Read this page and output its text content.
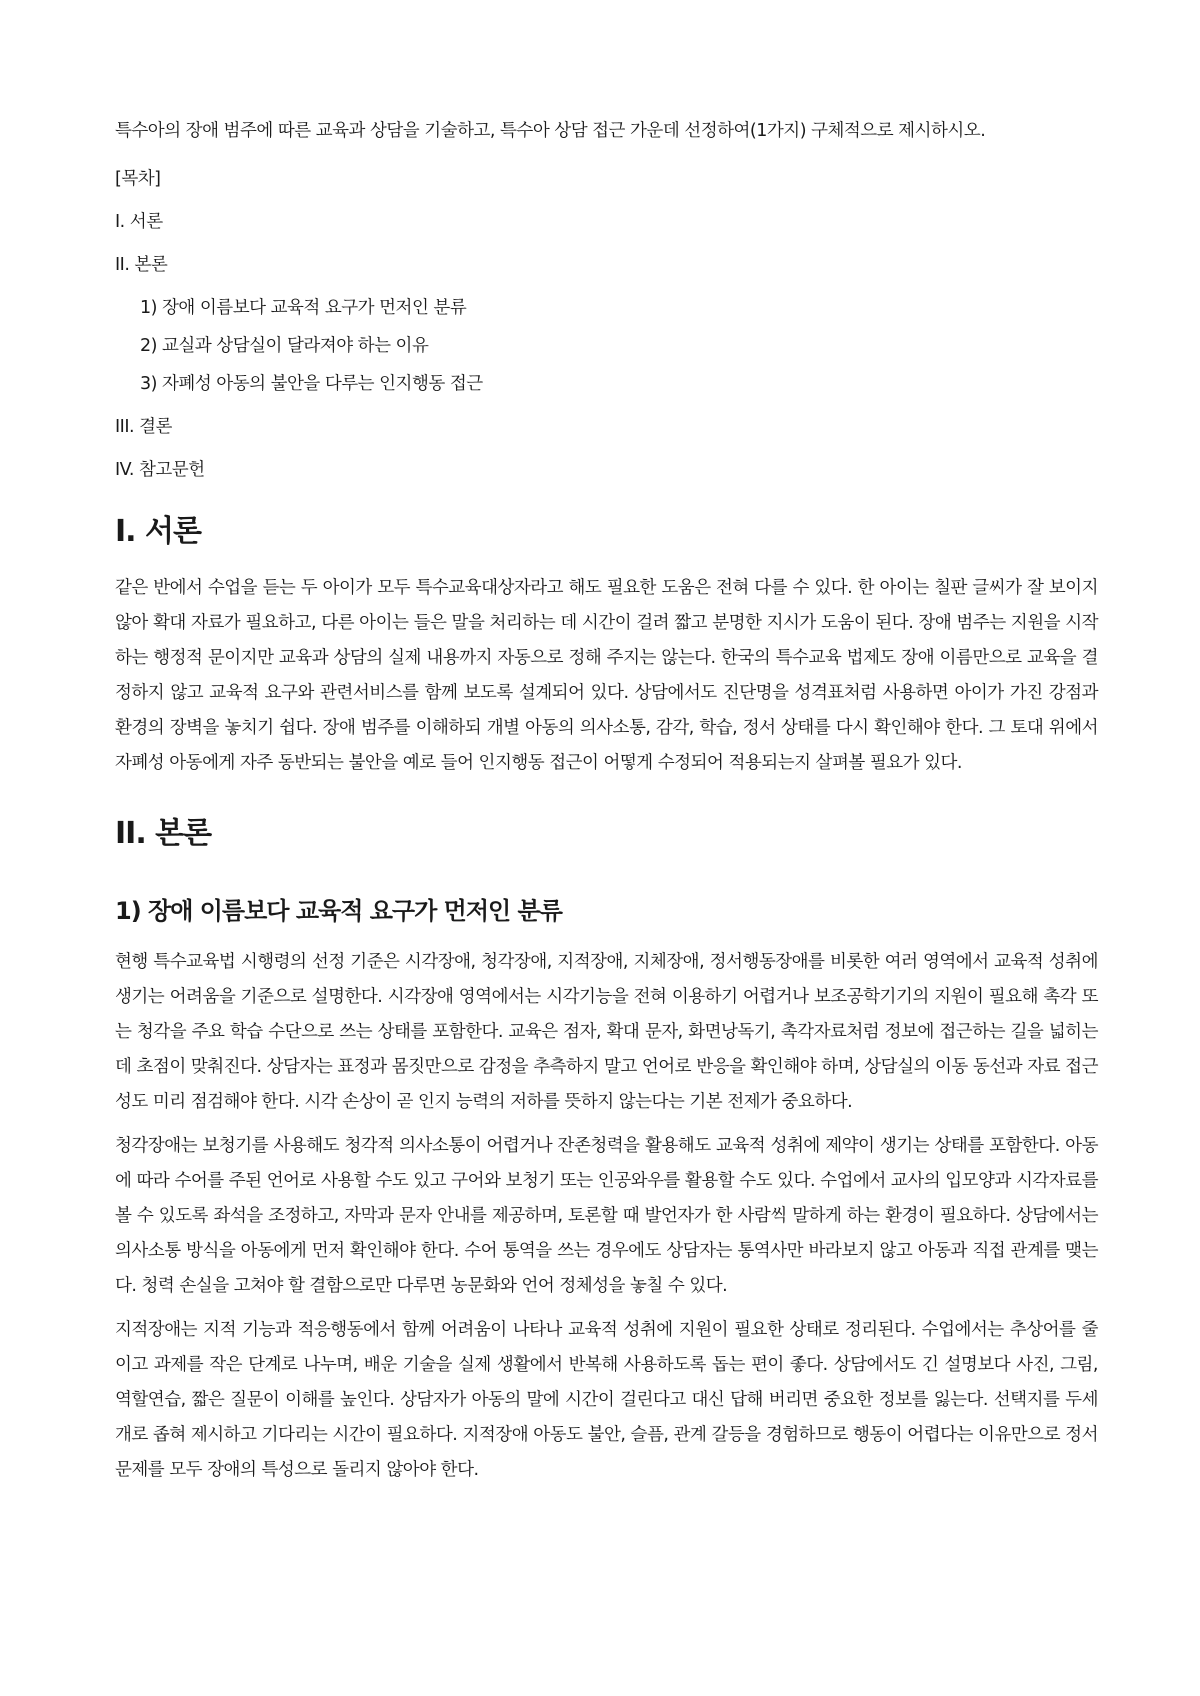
특수아의 장애 범주에 따른 교육과 상담을 기술하고, 특수아 상담 접근 가운데 선정하여(1가지) 구체적으로 제시하시오.

[목차]
I. 서론
II. 본론
1) 장애 이름보다 교육적 요구가 먼저인 분류
2) 교실과 상담실이 달라져야 하는 이유
3) 자폐성 아동의 불안을 다루는 인지행동 접근
III. 결론
IV. 참고문헌
I. 서론

같은 반에서 수업을 듣는 두 아이가 모두 특수교육대상자라고 해도 필요한 도움은 전혀 다를 수 있다. 한 아이는 칠판 글씨가 잘 보이지 않아 확대 자료가 필요하고, 다른 아이는 들은 말을 처리하는 데 시간이 걸려 짧고 분명한 지시가 도움이 된다. 장애 범주는 지원을 시작하는 행정적 문이지만 교육과 상담의 실제 내용까지 자동으로 정해 주지는 않는다. 한국의 특수교육 법제도 장애 이름만으로 교육을 결정하지 않고 교육적 요구와 관련서비스를 함께 보도록 설계되어 있다. 상담에서도 진단명을 성격표처럼 사용하면 아이가 가진 강점과 환경의 장벽을 놓치기 쉽다. 장애 범주를 이해하되 개별 아동의 의사소통, 감각, 학습, 정서 상태를 다시 확인해야 한다. 그 토대 위에서 자폐성 아동에게 자주 동반되는 불안을 예로 들어 인지행동 접근이 어떻게 수정되어 적용되는지 살펴볼 필요가 있다.

II. 본론
1) 장애 이름보다 교육적 요구가 먼저인 분류

현행 특수교육법 시행령의 선정 기준은 시각장애, 청각장애, 지적장애, 지체장애, 정서행동장애를 비롯한 여러 영역에서 교육적 성취에 생기는 어려움을 기준으로 설명한다. 시각장애 영역에서는 시각기능을 전혀 이용하기 어렵거나 보조공학기기의 지원이 필요해 촉각 또는 청각을 주요 학습 수단으로 쓰는 상태를 포함한다. 교육은 점자, 확대 문자, 화면낭독기, 촉각자료처럼 정보에 접근하는 길을 넓히는 데 초점이 맞춰진다. 상담자는 표정과 몸짓만으로 감정을 추측하지 말고 언어로 반응을 확인해야 하며, 상담실의 이동 동선과 자료 접근성도 미리 점검해야 한다. 시각 손상이 곧 인지 능력의 저하를 뜻하지 않는다는 기본 전제가 중요하다.

청각장애는 보청기를 사용해도 청각적 의사소통이 어렵거나 잔존청력을 활용해도 교육적 성취에 제약이 생기는 상태를 포함한다. 아동에 따라 수어를 주된 언어로 사용할 수도 있고 구어와 보청기 또는 인공와우를 활용할 수도 있다. 수업에서 교사의 입모양과 시각자료를 볼 수 있도록 좌석을 조정하고, 자막과 문자 안내를 제공하며, 토론할 때 발언자가 한 사람씩 말하게 하는 환경이 필요하다. 상담에서는 의사소통 방식을 아동에게 먼저 확인해야 한다. 수어 통역을 쓰는 경우에도 상담자는 통역사만 바라보지 않고 아동과 직접 관계를 맺는다. 청력 손실을 고쳐야 할 결함으로만 다루면 농문화와 언어 정체성을 놓칠 수 있다.

지적장애는 지적 기능과 적응행동에서 함께 어려움이 나타나 교육적 성취에 지원이 필요한 상태로 정리된다. 수업에서는 추상어를 줄이고 과제를 작은 단계로 나누며, 배운 기술을 실제 생활에서 반복해 사용하도록 돕는 편이 좋다. 상담에서도 긴 설명보다 사진, 그림, 역할연습, 짧은 질문이 이해를 높인다. 상담자가 아동의 말에 시간이 걸린다고 대신 답해 버리면 중요한 정보를 잃는다. 선택지를 두세 개로 좁혀 제시하고 기다리는 시간이 필요하다. 지적장애 아동도 불안, 슬픔, 관계 갈등을 경험하므로 행동이 어렵다는 이유만으로 정서 문제를 모두 장애의 특성으로 돌리지 않아야 한다.
